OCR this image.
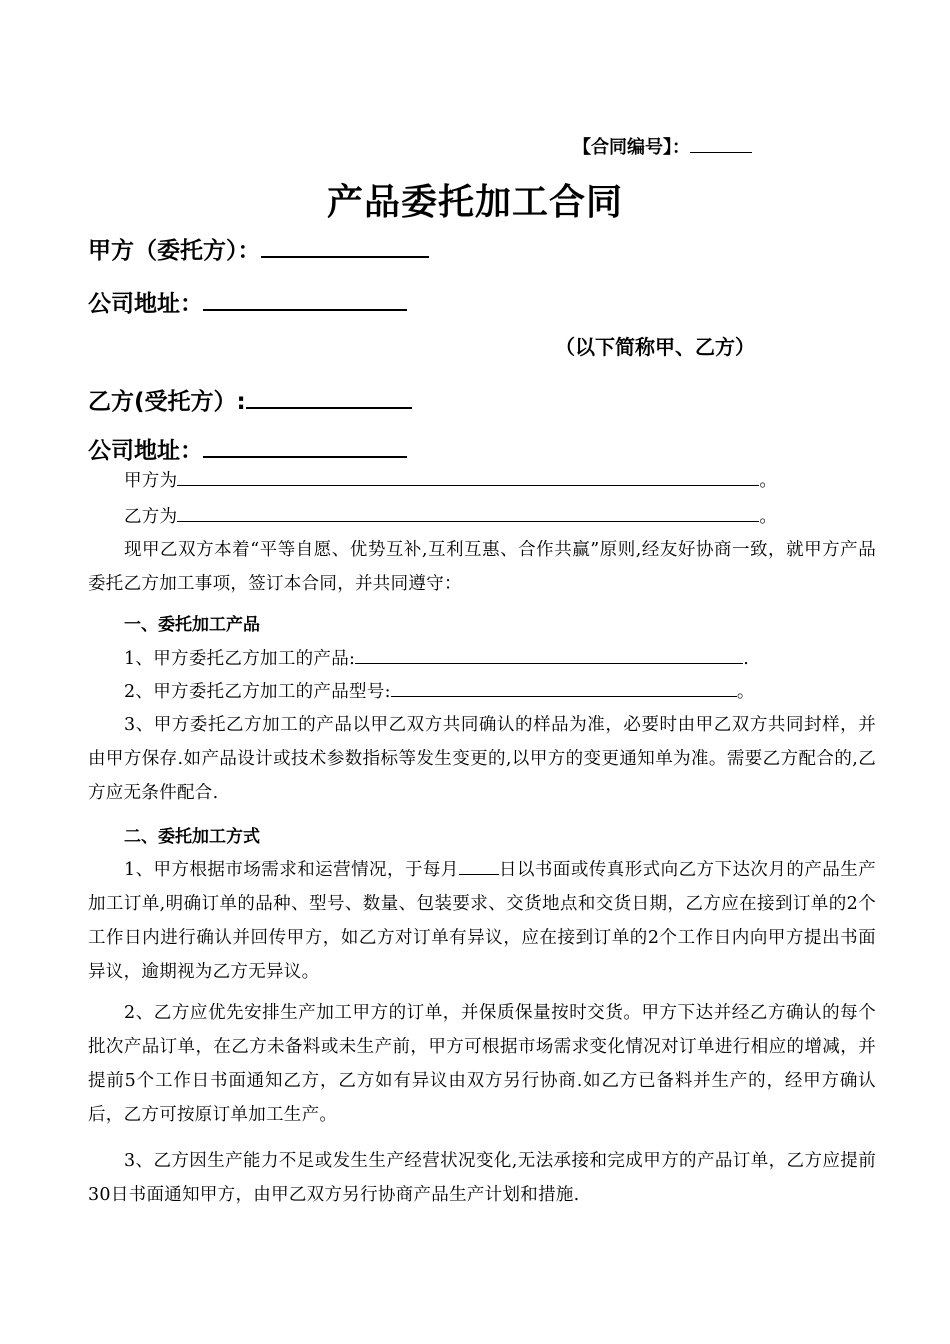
【合同编号】：
产品委托加工合同
甲方（委托方）：
公司地址：
（以下简称甲、乙方）
乙方(受托方）:
公司地址：
甲方为	。
乙方为	。
现甲乙双方本着“平等自愿、优势互补,互利互惠、合作共赢”原则,经友好协商一致，就甲方产品委托乙方加工事项，签订本合同，并共同遵守：
一、委托加工产品
1、甲方委托乙方加工的产品:	.
2、甲方委托乙方加工的产品型号:	。
3、甲方委托乙方加工的产品以甲乙双方共同确认的样品为准，必要时由甲乙双方共同封样，并由甲方保存.如产品设计或技术参数指标等发生变更的,以甲方的变更通知单为准。需要乙方配合的,乙方应无条件配合.
二、委托加工方式
1、甲方根据市场需求和运营情况，于每月 日以书面或传真形式向乙方下达次月的产品生产加工订单,明确订单的品种、型号、数量、包装要求、交货地点和交货日期，乙方应在接到订单的2个工作日内进行确认并回传甲方，如乙方对订单有异议，应在接到订单的2个工作日内向甲方提出书面异议，逾期视为乙方无异议。
2、乙方应优先安排生产加工甲方的订单，并保质保量按时交货。甲方下达并经乙方确认的每个批次产品订单，在乙方未备料或未生产前，甲方可根据市场需求变化情况对订单进行相应的增减，并提前5个工作日书面通知乙方，乙方如有异议由双方另行协商.如乙方已备料并生产的，经甲方确认后，乙方可按原订单加工生产。
3、乙方因生产能力不足或发生生产经营状况变化,无法承接和完成甲方的产品订单，乙方应提前30日书面通知甲方，由甲乙双方另行协商产品生产计划和措施.
